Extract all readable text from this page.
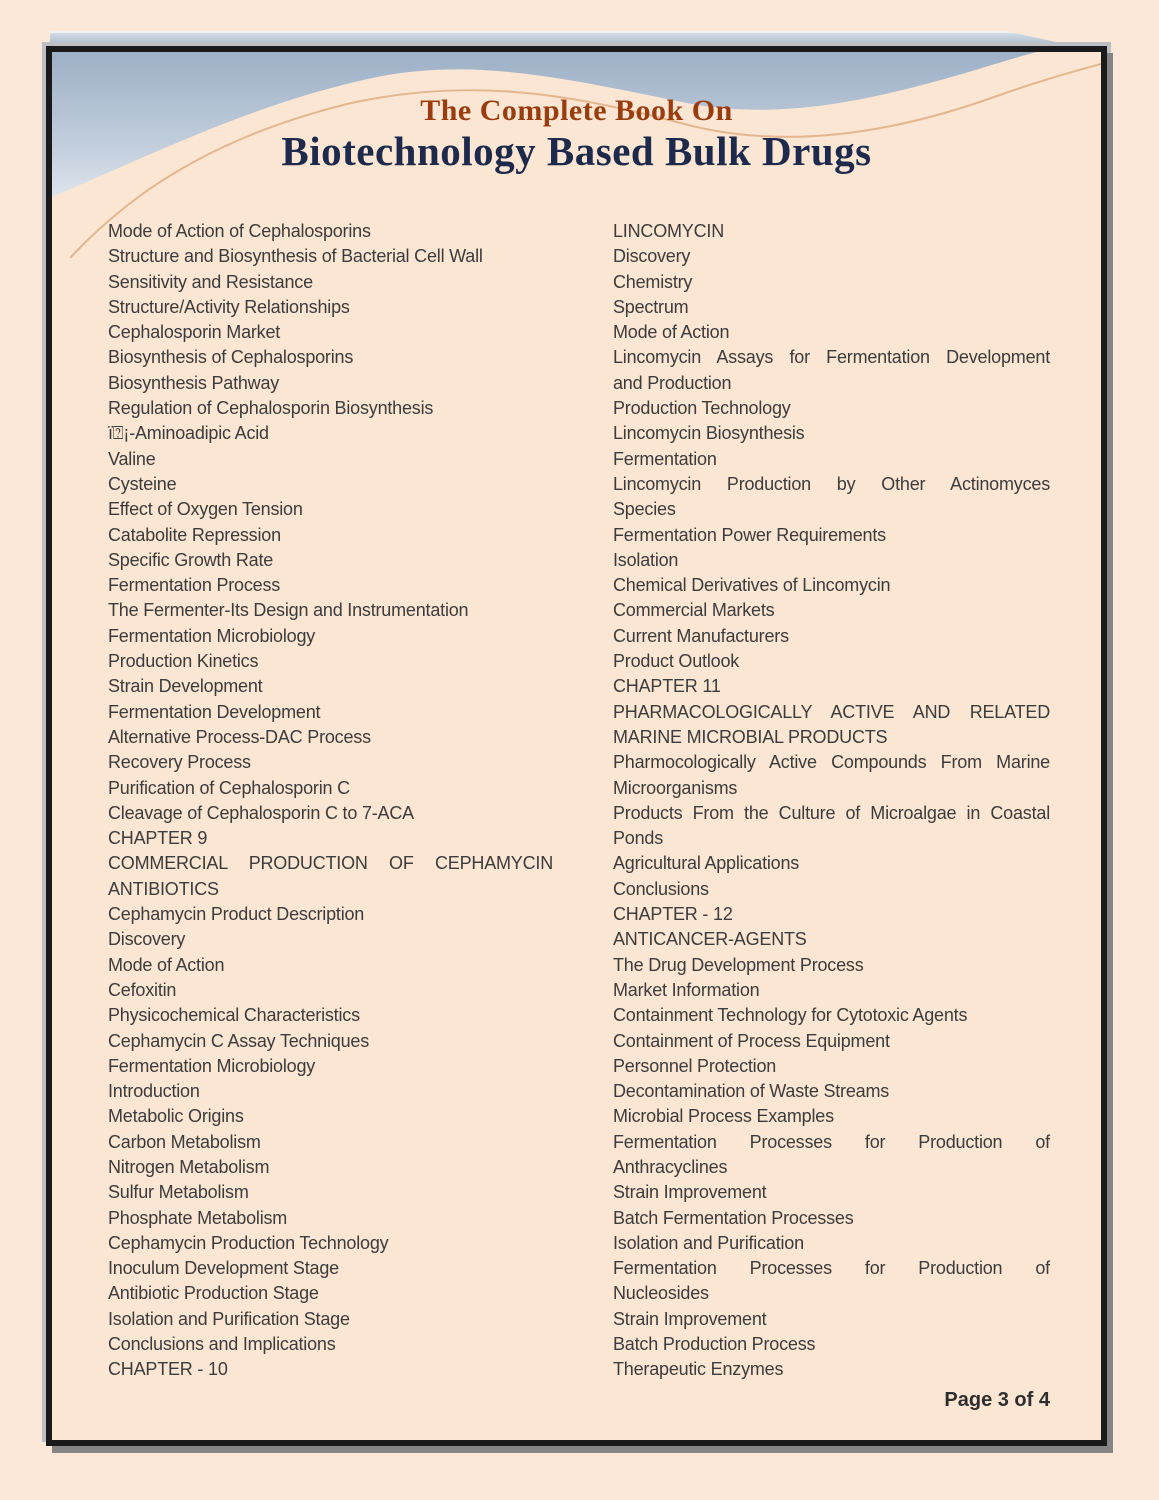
The Complete Book On
Biotechnology Based Bulk Drugs
Mode of Action of Cephalosporins
Structure and Biosynthesis of Bacterial Cell Wall
Sensitivity and Resistance
Structure/Activity Relationships
Cephalosporin Market
Biosynthesis of Cephalosporins
Biosynthesis Pathway
Regulation of Cephalosporin Biosynthesis
ï⍰¡-Aminoadipic Acid
Valine
Cysteine
Effect of Oxygen Tension
Catabolite Repression
Specific Growth Rate
Fermentation Process
The Fermenter-Its Design and Instrumentation
Fermentation Microbiology
Production Kinetics
Strain Development
Fermentation Development
Alternative Process-DAC Process
Recovery Process
Purification of Cephalosporin C
Cleavage of Cephalosporin C to 7-ACA
CHAPTER 9
COMMERCIAL PRODUCTION OF CEPHAMYCIN
ANTIBIOTICS
Cephamycin Product Description
Discovery
Mode of Action
Cefoxitin
Physicochemical Characteristics
Cephamycin C Assay Techniques
Fermentation Microbiology
Introduction
Metabolic Origins
Carbon Metabolism
Nitrogen Metabolism
Sulfur Metabolism
Phosphate Metabolism
Cephamycin Production Technology
Inoculum Development Stage
Antibiotic Production Stage
Isolation and Purification Stage
Conclusions and Implications
CHAPTER - 10
LINCOMYCIN
Discovery
Chemistry
Spectrum
Mode of Action
Lincomycin Assays for Fermentation Development
and Production
Production Technology
Lincomycin Biosynthesis
Fermentation
Lincomycin Production by Other Actinomyces
Species
Fermentation Power Requirements
Isolation
Chemical Derivatives of Lincomycin
Commercial Markets
Current Manufacturers
Product Outlook
CHAPTER 11
PHARMACOLOGICALLY ACTIVE AND RELATED
MARINE MICROBIAL PRODUCTS
Pharmocologically Active Compounds From Marine
Microorganisms
Products From the Culture of Microalgae in Coastal
Ponds
Agricultural Applications
Conclusions
CHAPTER - 12
ANTICANCER-AGENTS
The Drug Development Process
Market Information
Containment Technology for Cytotoxic Agents
Containment of Process Equipment
Personnel Protection
Decontamination of Waste Streams
Microbial Process Examples
Fermentation Processes for Production of
Anthracyclines
Strain Improvement
Batch Fermentation Processes
Isolation and Purification
Fermentation Processes for Production of
Nucleosides
Strain Improvement
Batch Production Process
Therapeutic Enzymes
Page 3 of 4
